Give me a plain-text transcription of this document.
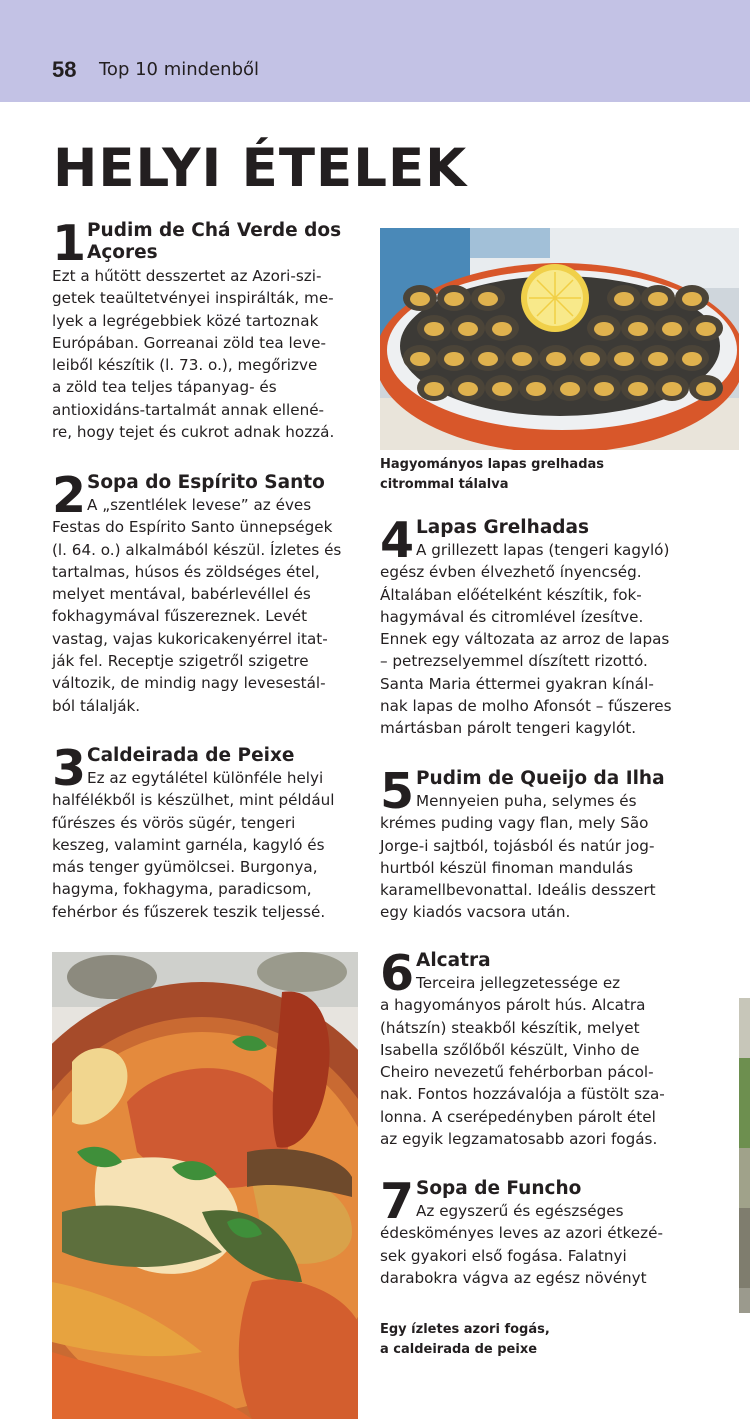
58 Top 10 mindenből
HELYI ÉTELEK
1 Pudim de Chá Verde dos
Açores
Ezt a hűtött desszertet az Azori-szi-
getek teaültetvényei inspirálták, me-
lyek a legrégebbiek közé tartoznak
Európában. Gorreanai zöld tea leve-
leiből készítik (l. 73. o.), megőrizve
a zöld tea teljes tápanyag- és
antioxidáns-tartalmát annak ellené-
re, hogy tejet és cukrot adnak hozzá.
2 Sopa do Espírito Santo
A „szentlélek levese” az éves
Festas do Espírito Santo ünnepségek
(l. 64. o.) alkalmából készül. Ízletes és
tartalmas, húsos és zöldséges étel,
melyet mentával, babérlevéllel és
fokhagymával fűszereznek. Levét
vastag, vajas kukoricakenyérrel itat-
ják fel. Receptje szigetről szigetre
változik, de mindig nagy levesestál-
ból tálalják.
3 Caldeirada de Peixe
Ez az egytálétel különféle helyi
halfélékből is készülhet, mint például
fűrészes és vörös sügér, tengeri
keszeg, valamint garnéla, kagyló és
más tenger gyümölcsei. Burgonya,
hagyma, fokhagyma, paradicsom,
fehérbor és fűszerek teszik teljessé.
Hagyományos lapas grelhadas
citrommal tálalva
4 Lapas Grelhadas
A grillezett lapas (tengeri kagyló)
egész évben élvezhető ínyencség.
Általában előételként készítik, fok-
hagymával és citromlével ízesítve.
Ennek egy változata az arroz de lapas
– petrezselyemmel díszített rizottó.
Santa Maria éttermei gyakran kínál-
nak lapas de molho Afonsót – fűszeres
mártásban párolt tengeri kagylót.
5 Pudim de Queijo da Ilha
Mennyeien puha, selymes és
krémes puding vagy flan, mely São
Jorge-i sajtból, tojásból és natúr jog-
hurtból készül finoman mandulás
karamellbevonattal. Ideális desszert
egy kiadós vacsora után.
6 Alcatra
Terceira jellegzetessége ez
a hagyományos párolt hús. Alcatra
(hátszín) steakből készítik, melyet
Isabella szőlőből készült, Vinho de
Cheiro nevezetű fehérborban pácol-
nak. Fontos hozzávalója a füstölt sza-
lonna. A cserépedényben párolt étel
az egyik legzamatosabb azori fogás.
7 Sopa de Funcho
Az egyszerű és egészséges
édesköményes leves az azori étkezé-
sek gyakori első fogása. Falatnyi
darabokra vágva az egész növényt
Egy ízletes azori fogás,
a caldeirada de peixe
